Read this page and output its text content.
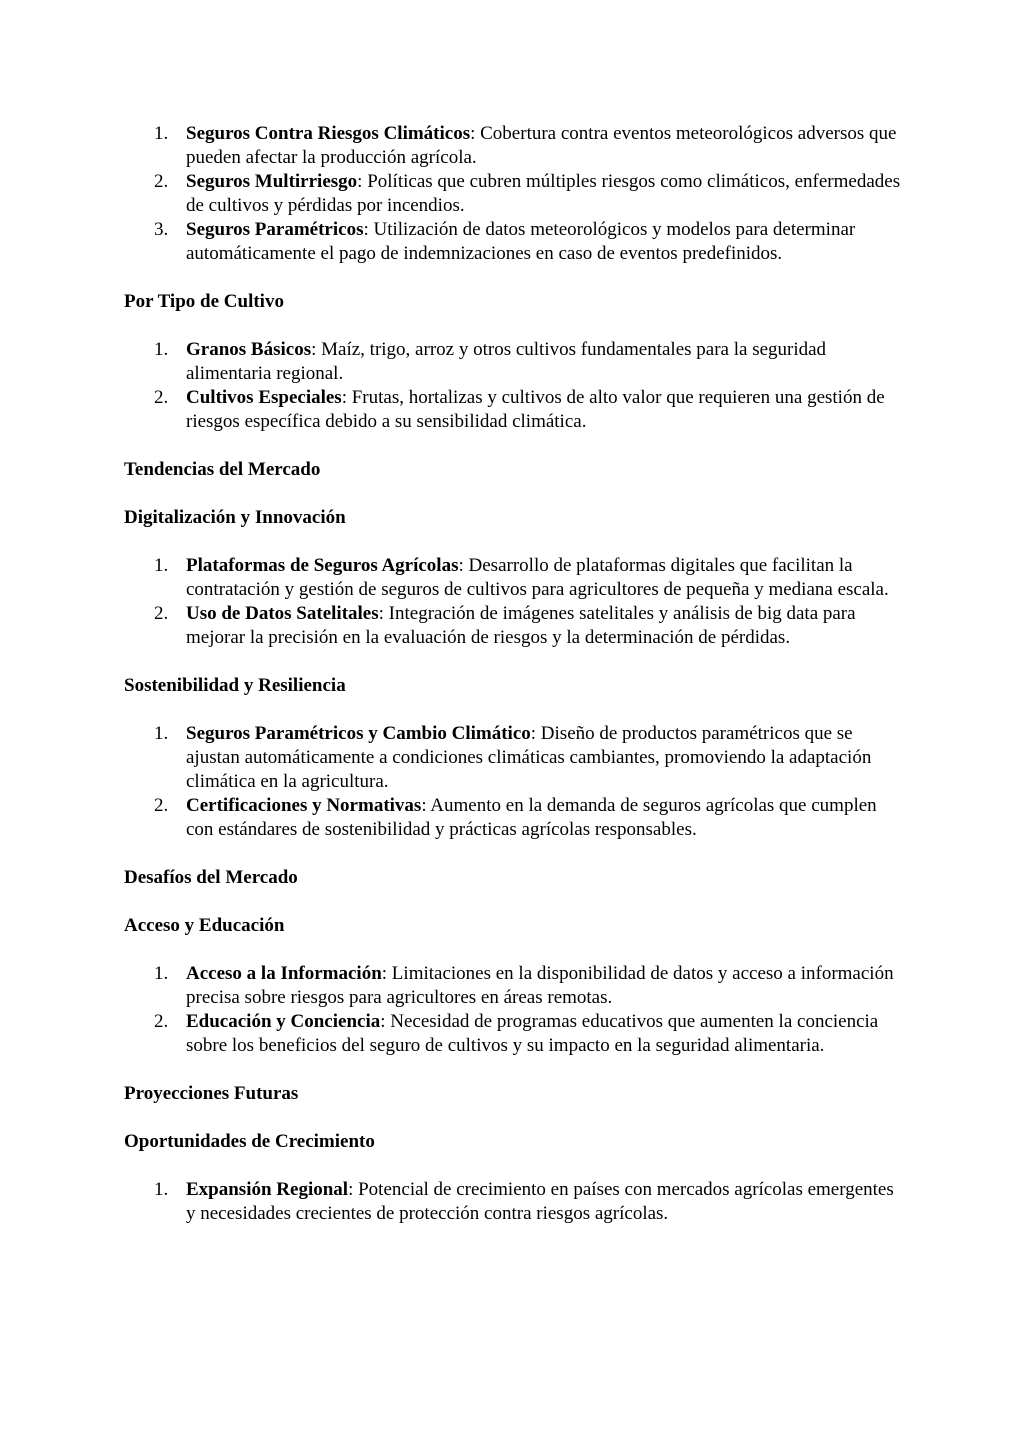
1. Seguros Contra Riesgos Climáticos: Cobertura contra eventos meteorológicos adversos que pueden afectar la producción agrícola.
2. Seguros Multirriesgo: Políticas que cubren múltiples riesgos como climáticos, enfermedades de cultivos y pérdidas por incendios.
3. Seguros Paramétricos: Utilización de datos meteorológicos y modelos para determinar automáticamente el pago de indemnizaciones en caso de eventos predefinidos.

Por Tipo de Cultivo

1. Granos Básicos: Maíz, trigo, arroz y otros cultivos fundamentales para la seguridad alimentaria regional.
2. Cultivos Especiales: Frutas, hortalizas y cultivos de alto valor que requieren una gestión de riesgos específica debido a su sensibilidad climática.

Tendencias del Mercado

Digitalización y Innovación

1. Plataformas de Seguros Agrícolas: Desarrollo de plataformas digitales que facilitan la contratación y gestión de seguros de cultivos para agricultores de pequeña y mediana escala.
2. Uso de Datos Satelitales: Integración de imágenes satelitales y análisis de big data para mejorar la precisión en la evaluación de riesgos y la determinación de pérdidas.

Sostenibilidad y Resiliencia

1. Seguros Paramétricos y Cambio Climático: Diseño de productos paramétricos que se ajustan automáticamente a condiciones climáticas cambiantes, promoviendo la adaptación climática en la agricultura.
2. Certificaciones y Normativas: Aumento en la demanda de seguros agrícolas que cumplen con estándares de sostenibilidad y prácticas agrícolas responsables.

Desafíos del Mercado

Acceso y Educación

1. Acceso a la Información: Limitaciones en la disponibilidad de datos y acceso a información precisa sobre riesgos para agricultores en áreas remotas.
2. Educación y Conciencia: Necesidad de programas educativos que aumenten la conciencia sobre los beneficios del seguro de cultivos y su impacto en la seguridad alimentaria.

Proyecciones Futuras

Oportunidades de Crecimiento

1. Expansión Regional: Potencial de crecimiento en países con mercados agrícolas emergentes y necesidades crecientes de protección contra riesgos agrícolas.
